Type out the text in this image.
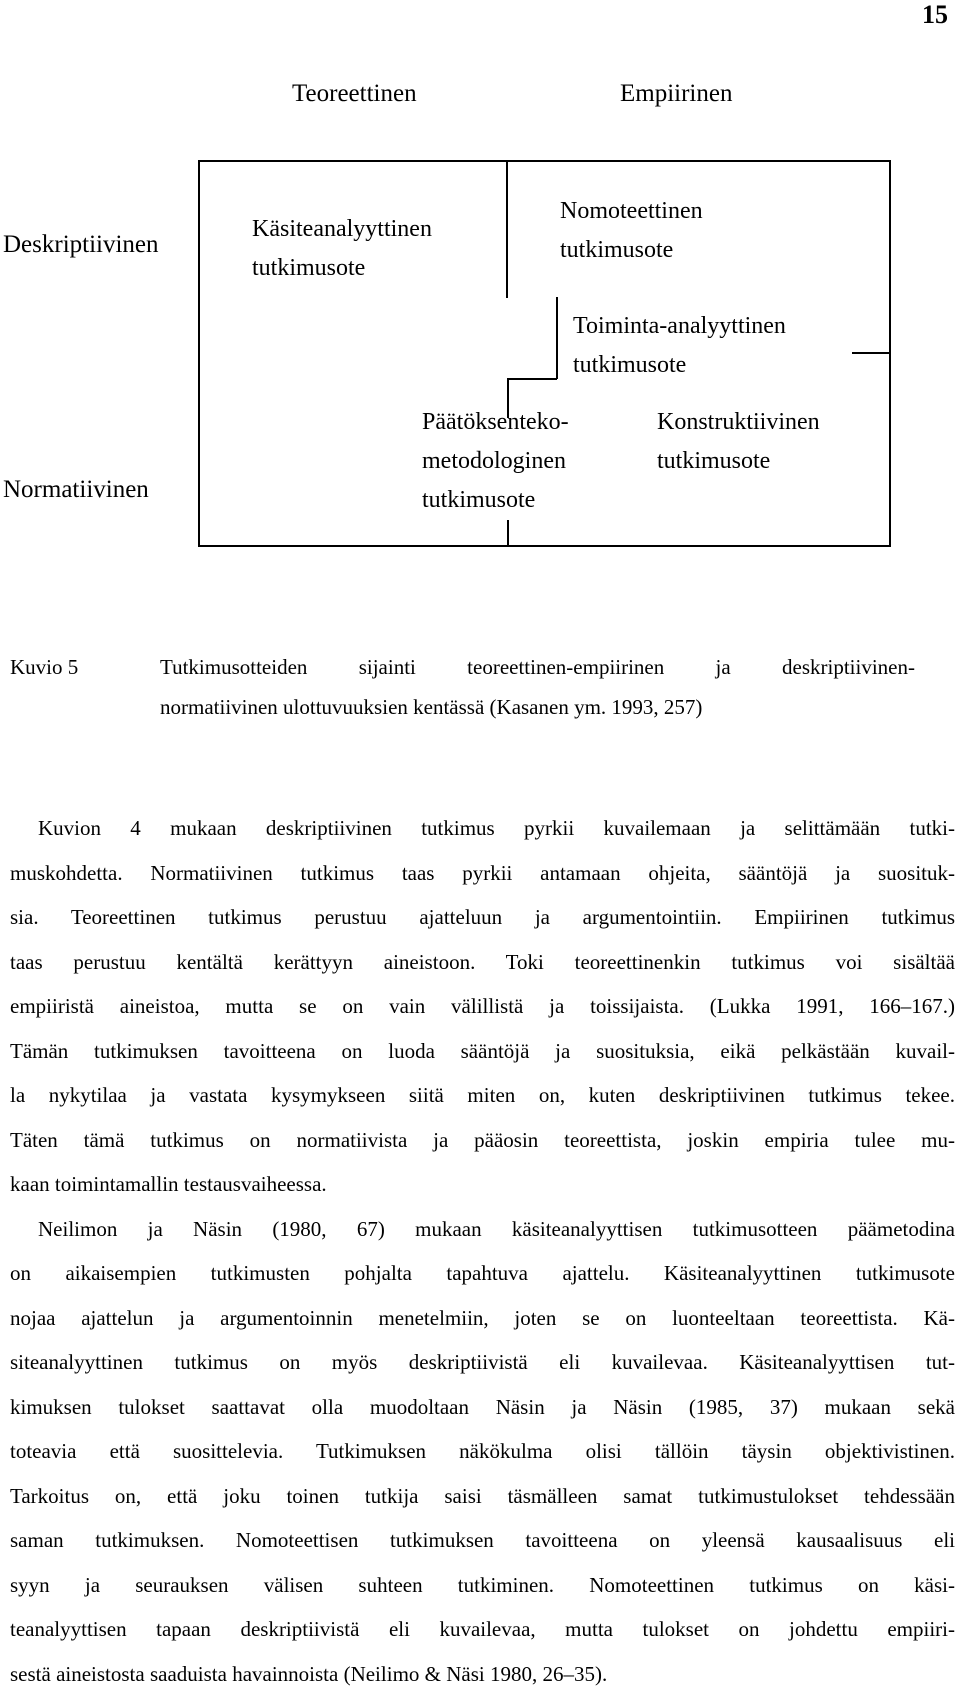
15
Teoreettinen	Empiirinen
Deskriptiivinen
Normatiivinen
Käsiteanalyyttinen
tutkimusote
Nomoteettinen
tutkimusote
Toiminta-analyyttinen
tutkimusote
Päätöksenteko-
metodologinen
tutkimusote
Konstruktiivinen
tutkimusote
Kuvio 5	Tutkimusotteiden sijainti teoreettinen-empiirinen ja deskriptiivinen-
normatiivinen ulottuvuuksien kentässä (Kasanen ym. 1993, 257)

Kuvion 4 mukaan deskriptiivinen tutkimus pyrkii kuvailemaan ja selittämään tutki-
muskohdetta. Normatiivinen tutkimus taas pyrkii antamaan ohjeita, sääntöjä ja suosituk-
sia. Teoreettinen tutkimus perustuu ajatteluun ja argumentointiin. Empiirinen tutkimus
taas perustuu kentältä kerättyyn aineistoon. Toki teoreettinenkin tutkimus voi sisältää
empiiristä aineistoa, mutta se on vain välillistä ja toissijaista. (Lukka 1991, 166–167.)
Tämän tutkimuksen tavoitteena on luoda sääntöjä ja suosituksia, eikä pelkästään kuvail-
la nykytilaa ja vastata kysymykseen siitä miten on, kuten deskriptiivinen tutkimus tekee.
Täten tämä tutkimus on normatiivista ja pääosin teoreettista, joskin empiria tulee mu-
kaan toimintamallin testausvaiheessa.

Neilimon ja Näsin (1980, 67) mukaan käsiteanalyyttisen tutkimusotteen päämetodina
on aikaisempien tutkimusten pohjalta tapahtuva ajattelu. Käsiteanalyyttinen tutkimusote
nojaa ajattelun ja argumentoinnin menetelmiin, joten se on luonteeltaan teoreettista. Kä-
siteanalyyttinen tutkimus on myös deskriptiivistä eli kuvailevaa. Käsiteanalyyttisen tut-
kimuksen tulokset saattavat olla muodoltaan Näsin ja Näsin (1985, 37) mukaan sekä
toteavia että suosittelevia. Tutkimuksen näkökulma olisi tällöin täysin objektivistinen.
Tarkoitus on, että joku toinen tutkija saisi täsmälleen samat tutkimustulokset tehdessään
saman tutkimuksen. Nomoteettisen tutkimuksen tavoitteena on yleensä kausaalisuus eli
syyn ja seurauksen välisen suhteen tutkiminen. Nomoteettinen tutkimus on käsi-
teanalyyttisen tapaan deskriptiivistä eli kuvailevaa, mutta tulokset on johdettu empiiri-
sestä aineistosta saaduista havainnoista (Neilimo & Näsi 1980, 26–35).
